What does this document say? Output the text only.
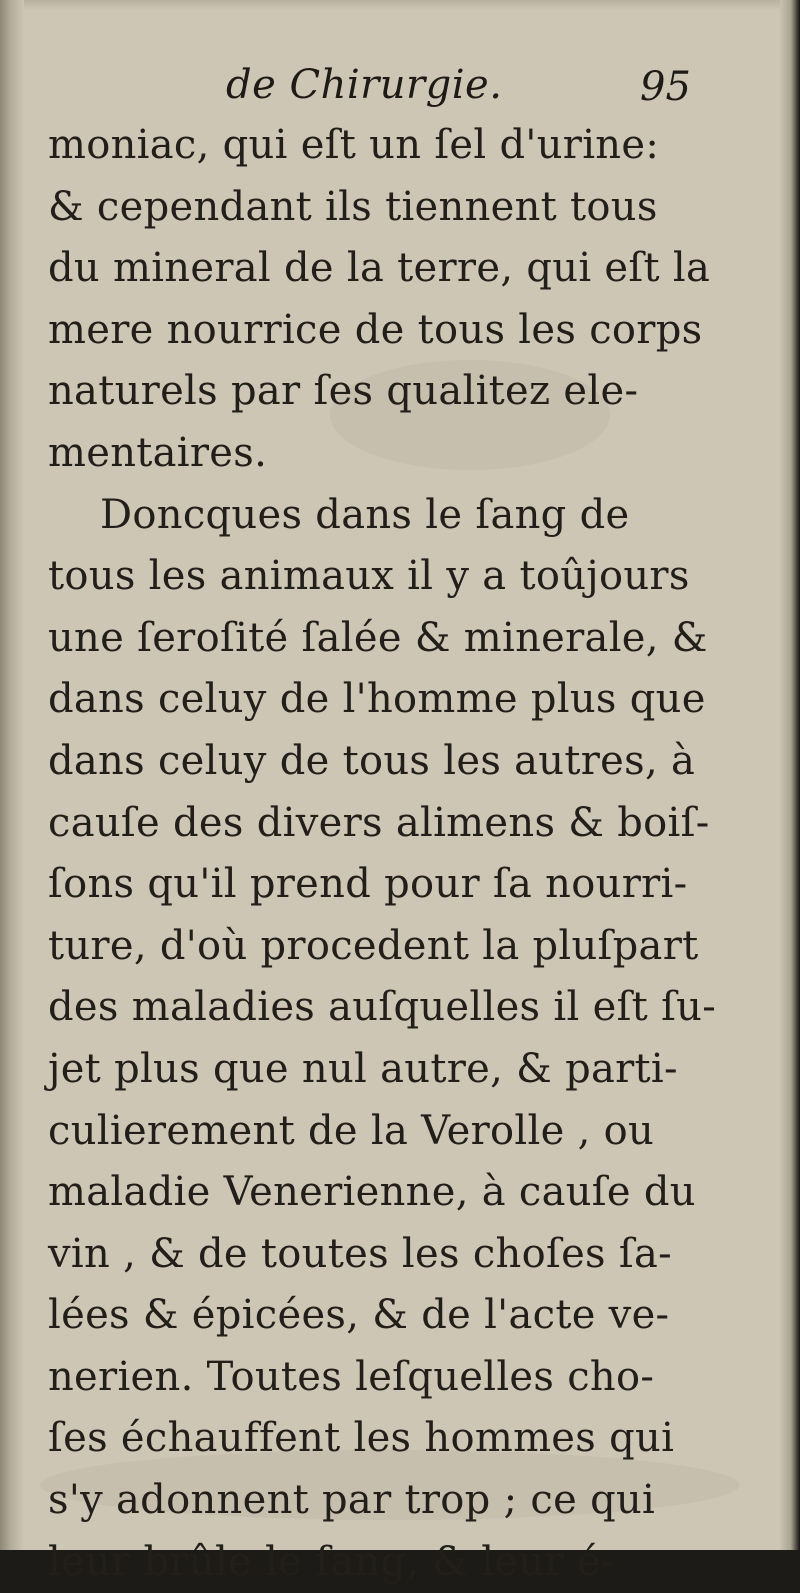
de Chirurgie.	95
moniac, qui eſt un ſel d'urine:
& cependant ils tiennent tous
du mineral de la terre, qui eſt la
mere nourrice de tous les corps
naturels par ſes qualitez ele-
mentaires.
Doncques dans le ſang de
tous les animaux il y a toûjours
une ſeroſité ſalée & minerale, &
dans celuy de l'homme plus que
dans celuy de tous les autres, à
cauſe des divers alimens & boiſ-
ſons qu'il prend pour ſa nourri-
ture, d'où procedent la pluſpart
des maladies auſquelles il eſt ſu-
jet plus que nul autre, & parti-
culierement de la Verolle , ou
maladie Venerienne, à cauſe du
vin , & de toutes les choſes ſa-
lées & épicées, & de l'acte ve-
nerien. Toutes leſquelles cho-
ſes échauffent les hommes qui
s'y adonnent par trop ; ce qui
leur brûle le ſang, & leur é-
